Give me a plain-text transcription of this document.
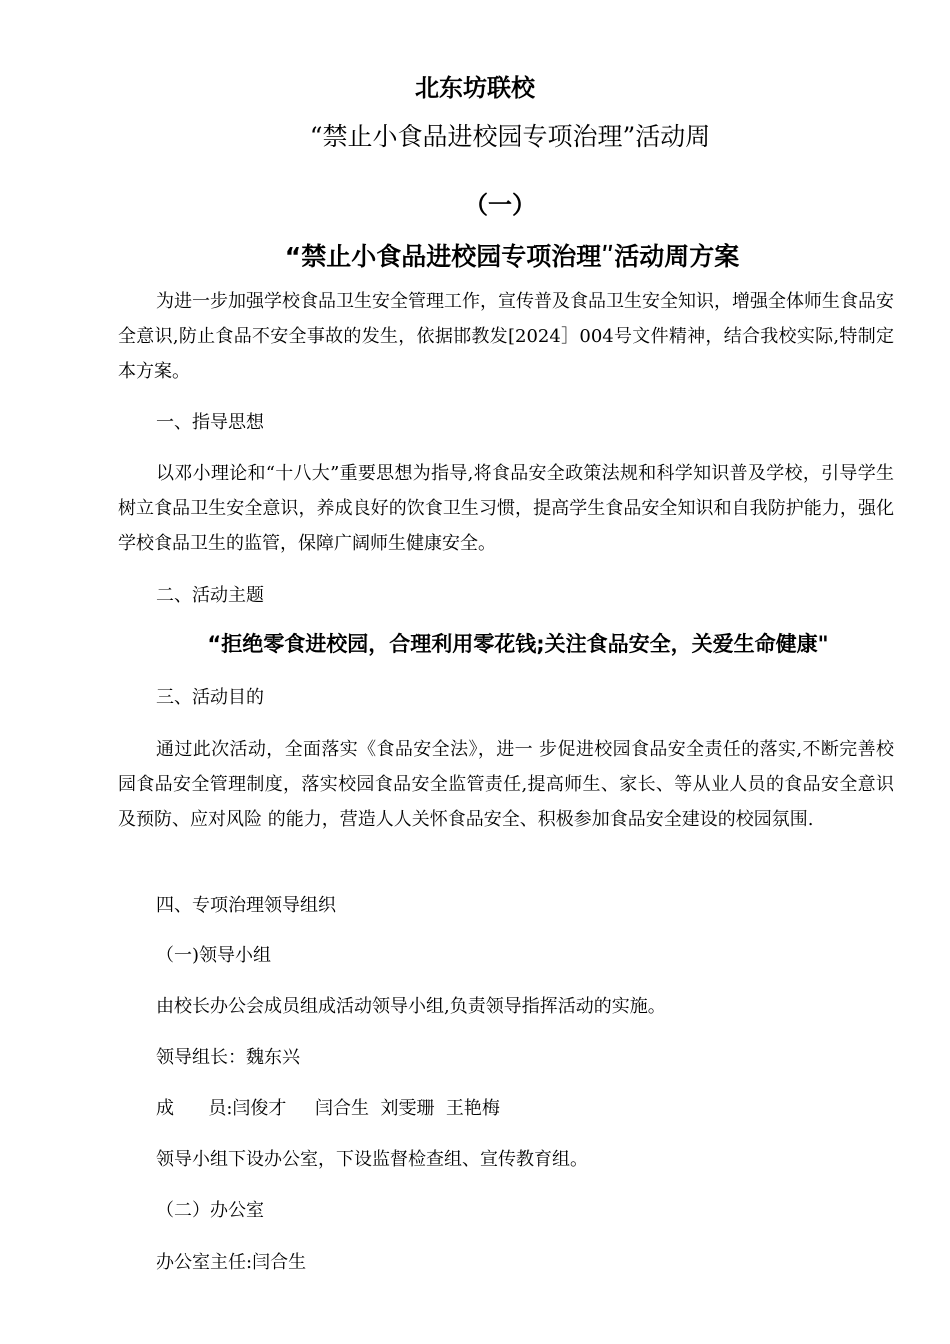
北东坊联校
“禁止小食品进校园专项治理”活动周
（一）
“禁止小食品进校园专项治理ʺ活动周方案

为进一步加强学校食品卫生安全管理工作，宣传普及食品卫生安全知识，增强全体师生食品安全意识,防止食品不安全事故的发生，依据邯教发[2024］004号文件精神，结合我校实际,特制定本方案。

一、指导思想

以邓小理论和“十八大”重要思想为指导,将食品安全政策法规和科学知识普及学校，引导学生树立食品卫生安全意识，养成良好的饮食卫生习惯，提高学生食品安全知识和自我防护能力，强化学校食品卫生的监管，保障广阔师生健康安全。

二、活动主题

“拒绝零食进校园，合理利用零花钱;关注食品安全，关爱生命健康"

三、活动目的

通过此次活动，全面落实《食品安全法》，进一 步促进校园食品安全责任的落实,不断完善校园食品安全管理制度，落实校园食品安全监管责任,提高师生、家长、等从业人员的食品安全意识及预防、应对风险 的能力，营造人人关怀食品安全、积极参加食品安全建设的校园氛围.

四、专项治理领导组织

（一)领导小组

由校长办公会成员组成活动领导小组,负责领导指挥活动的实施。

领导组长：魏东兴

成      员:闫俊才     闫合生  刘雯珊  王艳梅

领导小组下设办公室，下设监督检查组、宣传教育组。

（二）办公室

办公室主任:闫合生
